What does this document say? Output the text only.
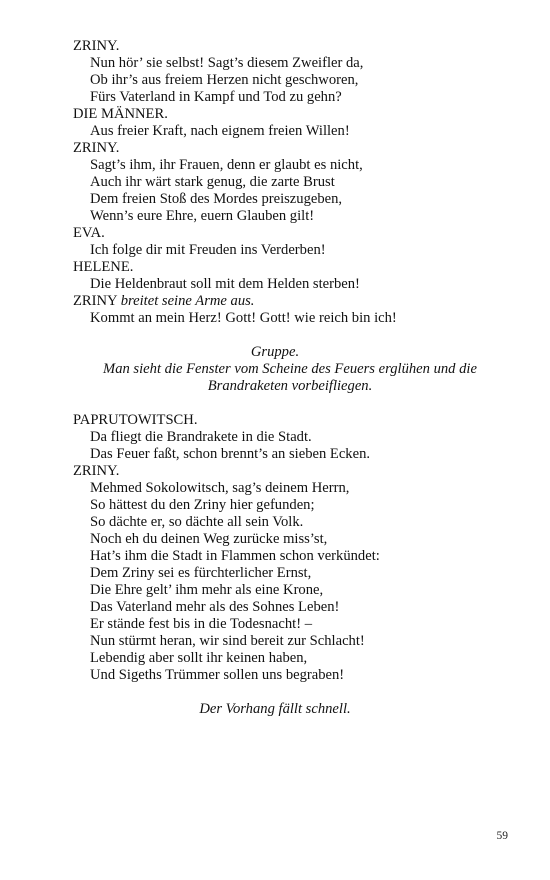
ZRINY.
Nun hör’ sie selbst! Sagt’s diesem Zweifler da,
Ob ihr’s aus freiem Herzen nicht geschworen,
Fürs Vaterland in Kampf und Tod zu gehn?
DIE MÄNNER.
Aus freier Kraft, nach eignem freien Willen!
ZRINY.
Sagt’s ihm, ihr Frauen, denn er glaubt es nicht,
Auch ihr wärt stark genug, die zarte Brust
Dem freien Stoß des Mordes preiszugeben,
Wenn’s eure Ehre, euern Glauben gilt!
EVA.
Ich folge dir mit Freuden ins Verderben!
HELENE.
Die Heldenbraut soll mit dem Helden sterben!
ZRINY breitet seine Arme aus.
Kommt an mein Herz! Gott! Gott! wie reich bin ich!
Gruppe.
Man sieht die Fenster vom Scheine des Feuers erglühen und die Brandraketen vorbeifliegen.
PAPRUTOWITSCH.
Da fliegt die Brandrakete in die Stadt.
Das Feuer faßt, schon brennt’s an sieben Ecken.
ZRINY.
Mehmed Sokolowitsch, sag’s deinem Herrn,
So hättest du den Zriny hier gefunden;
So dächte er, so dächte all sein Volk.
Noch eh du deinen Weg zurücke miss’st,
Hat’s ihm die Stadt in Flammen schon verkündet:
Dem Zriny sei es fürchterlicher Ernst,
Die Ehre gelt’ ihm mehr als eine Krone,
Das Vaterland mehr als des Sohnes Leben!
Er stände fest bis in die Todesnacht! –
Nun stürmt heran, wir sind bereit zur Schlacht!
Lebendig aber sollt ihr keinen haben,
Und Sigeths Trümmer sollen uns begraben!
Der Vorhang fällt schnell.
59
